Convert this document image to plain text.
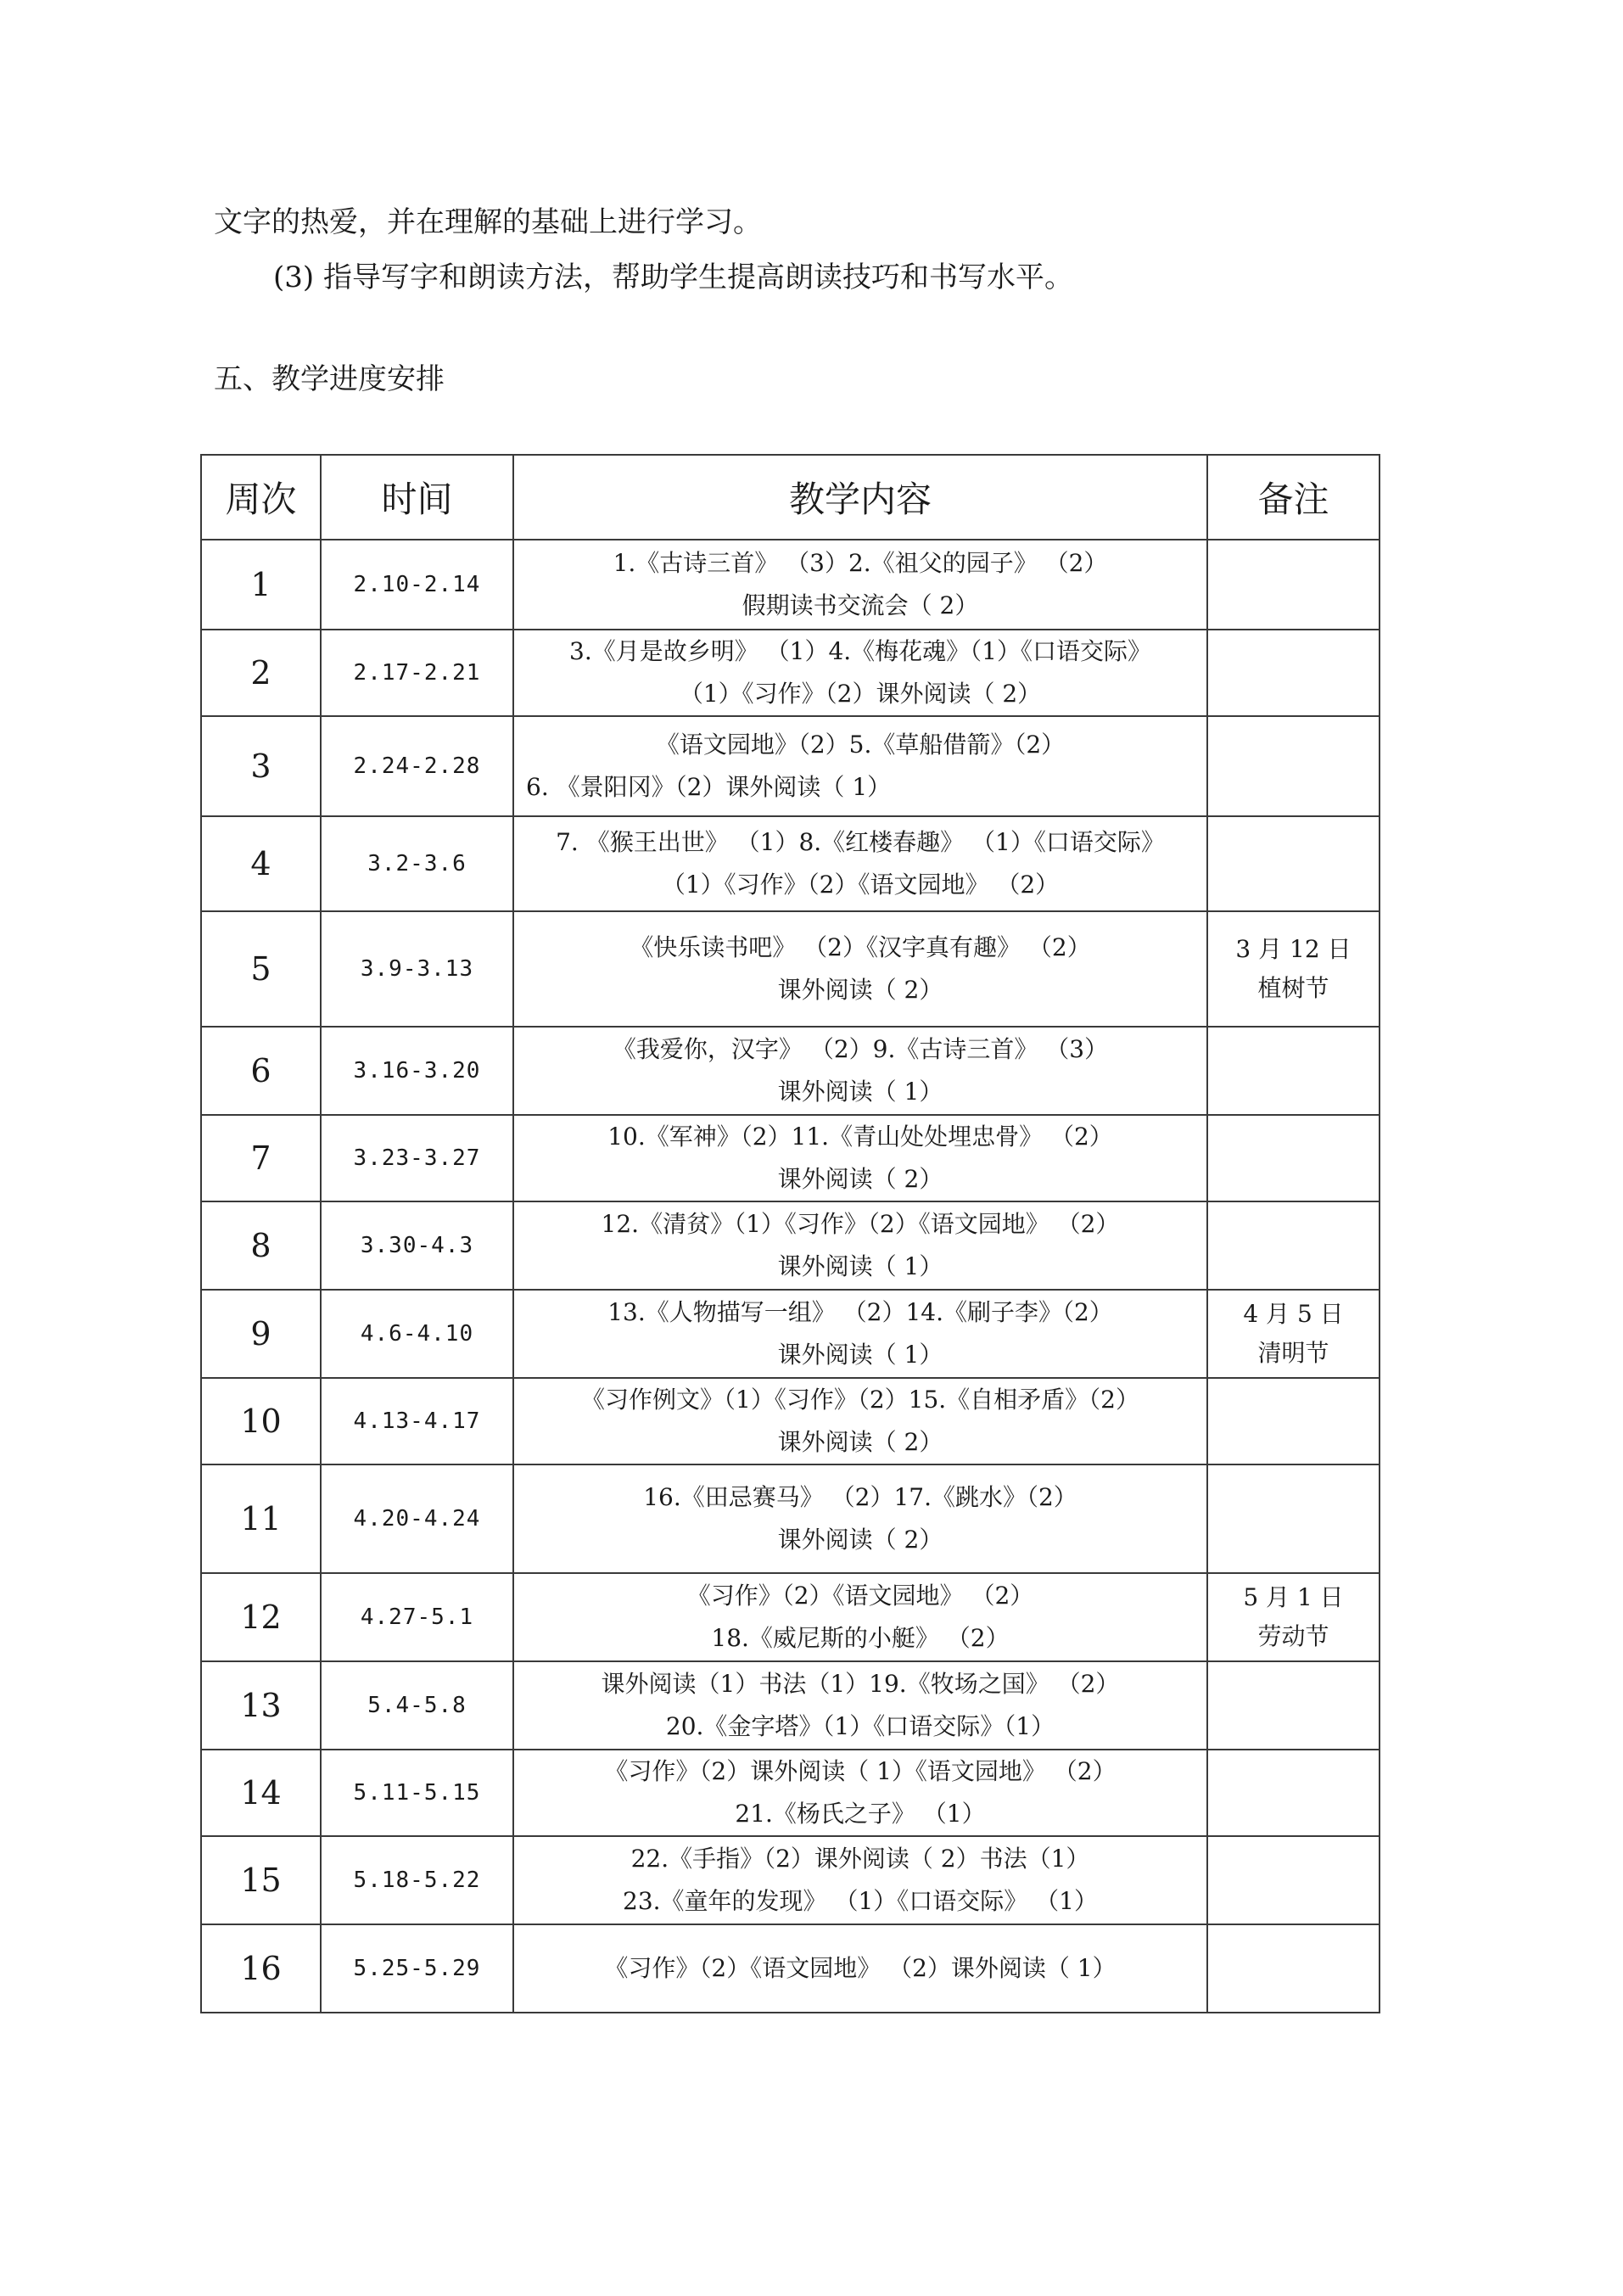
文字的热爱，并在理解的基础上进行学习。
(3) 指导写字和朗读方法，帮助学生提高朗读技巧和书写水平。
五、教学进度安排
周次	时间	教学内容	备注
1	2.10-2.14	1.《古诗三首》 （3）2.《祖父的园子》 （2）
假期读书交流会（ 2）	

2	2.17-2.21	3.《月是故乡明》 （1）4.《梅花魂》（1）《口语交际》
（1）《习作》（2）课外阅读（ 2）	

3	2.24-2.28	《语文园地》（2）5.《草船借箭》（2）
6. 《景阳冈》（2）课外阅读（ 1）	

4	3.2-3.6	7. 《猴王出世》 （1）8.《红楼春趣》 （1）《口语交际》
（1）《习作》（2）《语文园地》 （2）	

5	3.9-3.13	《快乐读书吧》 （2）《汉字真有趣》 （2）
课外阅读（ 2）	3 月 12 日
植树节

6	3.16-3.20	《我爱你，汉字》 （2）9.《古诗三首》 （3）
课外阅读（ 1）	

7	3.23-3.27	10.《军神》（2）11.《青山处处埋忠骨》 （2）
课外阅读（ 2）	

8	3.30-4.3	12.《清贫》（1）《习作》（2）《语文园地》 （2）
课外阅读（ 1）	

9	4.6-4.10	13.《人物描写一组》 （2）14.《刷子李》（2）
课外阅读（ 1）	4 月 5 日
清明节

10	4.13-4.17	《习作例文》（1）《习作》（2）15.《自相矛盾》（2）
课外阅读（ 2）	

11	4.20-4.24	16.《田忌赛马》 （2）17.《跳水》（2）
课外阅读（ 2）	

12	4.27-5.1	《习作》（2）《语文园地》 （2）
18.《威尼斯的小艇》 （2）	5 月 1 日
劳动节

13	5.4-5.8	课外阅读（1）书法（1）19.《牧场之国》 （2）
20.《金字塔》（1）《口语交际》（1）	

14	5.11-5.15	《习作》（2）课外阅读（ 1）《语文园地》 （2）
21.《杨氏之子》 （1）	

15	5.18-5.22	22.《手指》（2）课外阅读（ 2）书法（1）
23.《童年的发现》 （1）《口语交际》 （1）	

16	5.25-5.29	《习作》（2）《语文园地》 （2）课外阅读（ 1）	
